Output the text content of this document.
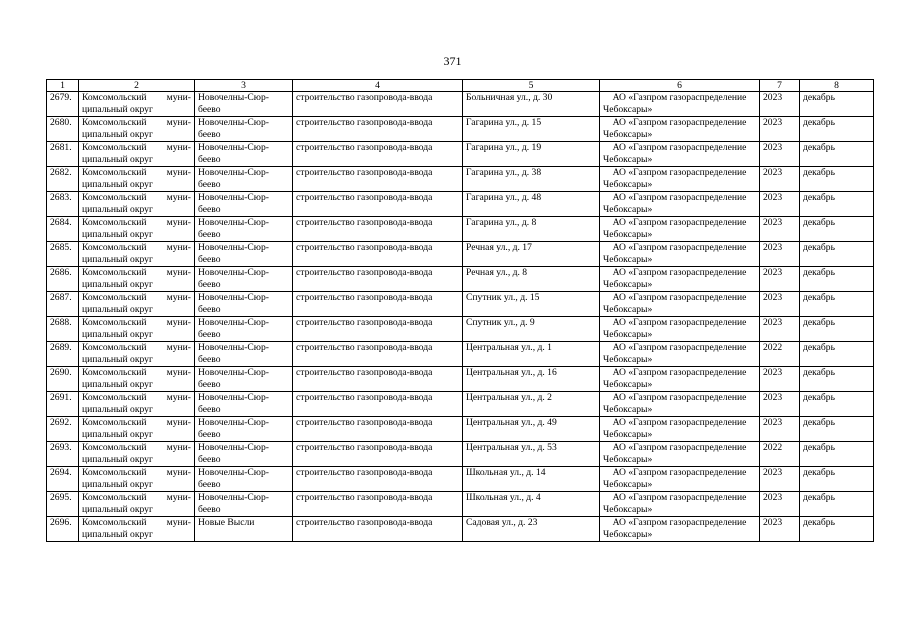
371
1	2	3	4	5	6	7	8

2679.	Комсомольский муни-
ципальный округ	Новочелны-Сюр-
беево	строительство газопровода-ввода	Больничная ул., д. 30	АО «Газпром газораспределение
Чебоксары»	2023	декабрь

2680.	Комсомольский муни-
ципальный округ	Новочелны-Сюр-
беево	строительство газопровода-ввода	Гагарина ул., д. 15	АО «Газпром газораспределение
Чебоксары»	2023	декабрь

2681.	Комсомольский муни-
ципальный округ	Новочелны-Сюр-
беево	строительство газопровода-ввода	Гагарина ул., д. 19	АО «Газпром газораспределение
Чебоксары»	2023	декабрь

2682.	Комсомольский муни-
ципальный округ	Новочелны-Сюр-
беево	строительство газопровода-ввода	Гагарина ул., д. 38	АО «Газпром газораспределение
Чебоксары»	2023	декабрь

2683.	Комсомольский муни-
ципальный округ	Новочелны-Сюр-
беево	строительство газопровода-ввода	Гагарина ул., д. 48	АО «Газпром газораспределение
Чебоксары»	2023	декабрь

2684.	Комсомольский муни-
ципальный округ	Новочелны-Сюр-
беево	строительство газопровода-ввода	Гагарина ул., д. 8	АО «Газпром газораспределение
Чебоксары»	2023	декабрь

2685.	Комсомольский муни-
ципальный округ	Новочелны-Сюр-
беево	строительство газопровода-ввода	Речная ул., д. 17	АО «Газпром газораспределение
Чебоксары»	2023	декабрь

2686.	Комсомольский муни-
ципальный округ	Новочелны-Сюр-
беево	строительство газопровода-ввода	Речная ул., д. 8	АО «Газпром газораспределение
Чебоксары»	2023	декабрь

2687.	Комсомольский муни-
ципальный округ	Новочелны-Сюр-
беево	строительство газопровода-ввода	Спутник ул., д. 15	АО «Газпром газораспределение
Чебоксары»	2023	декабрь

2688.	Комсомольский муни-
ципальный округ	Новочелны-Сюр-
беево	строительство газопровода-ввода	Спутник ул., д. 9	АО «Газпром газораспределение
Чебоксары»	2023	декабрь

2689.	Комсомольский муни-
ципальный округ	Новочелны-Сюр-
беево	строительство газопровода-ввода	Центральная ул., д. 1	АО «Газпром газораспределение
Чебоксары»	2022	декабрь

2690.	Комсомольский муни-
ципальный округ	Новочелны-Сюр-
беево	строительство газопровода-ввода	Центральная ул., д. 16	АО «Газпром газораспределение
Чебоксары»	2023	декабрь

2691.	Комсомольский муни-
ципальный округ	Новочелны-Сюр-
беево	строительство газопровода-ввода	Центральная ул., д. 2	АО «Газпром газораспределение
Чебоксары»	2023	декабрь

2692.	Комсомольский муни-
ципальный округ	Новочелны-Сюр-
беево	строительство газопровода-ввода	Центральная ул., д. 49	АО «Газпром газораспределение
Чебоксары»	2023	декабрь

2693.	Комсомольский муни-
ципальный округ	Новочелны-Сюр-
беево	строительство газопровода-ввода	Центральная ул., д. 53	АО «Газпром газораспределение
Чебоксары»	2022	декабрь

2694.	Комсомольский муни-
ципальный округ	Новочелны-Сюр-
беево	строительство газопровода-ввода	Школьная ул., д. 14	АО «Газпром газораспределение
Чебоксары»	2023	декабрь

2695.	Комсомольский муни-
ципальный округ	Новочелны-Сюр-
беево	строительство газопровода-ввода	Школьная ул., д. 4	АО «Газпром газораспределение
Чебоксары»	2023	декабрь

2696.	Комсомольский муни-
ципальный округ	Новые Высли	строительство газопровода-ввода	Садовая ул., д. 23	АО «Газпром газораспределение
Чебоксары»	2023	декабрь
